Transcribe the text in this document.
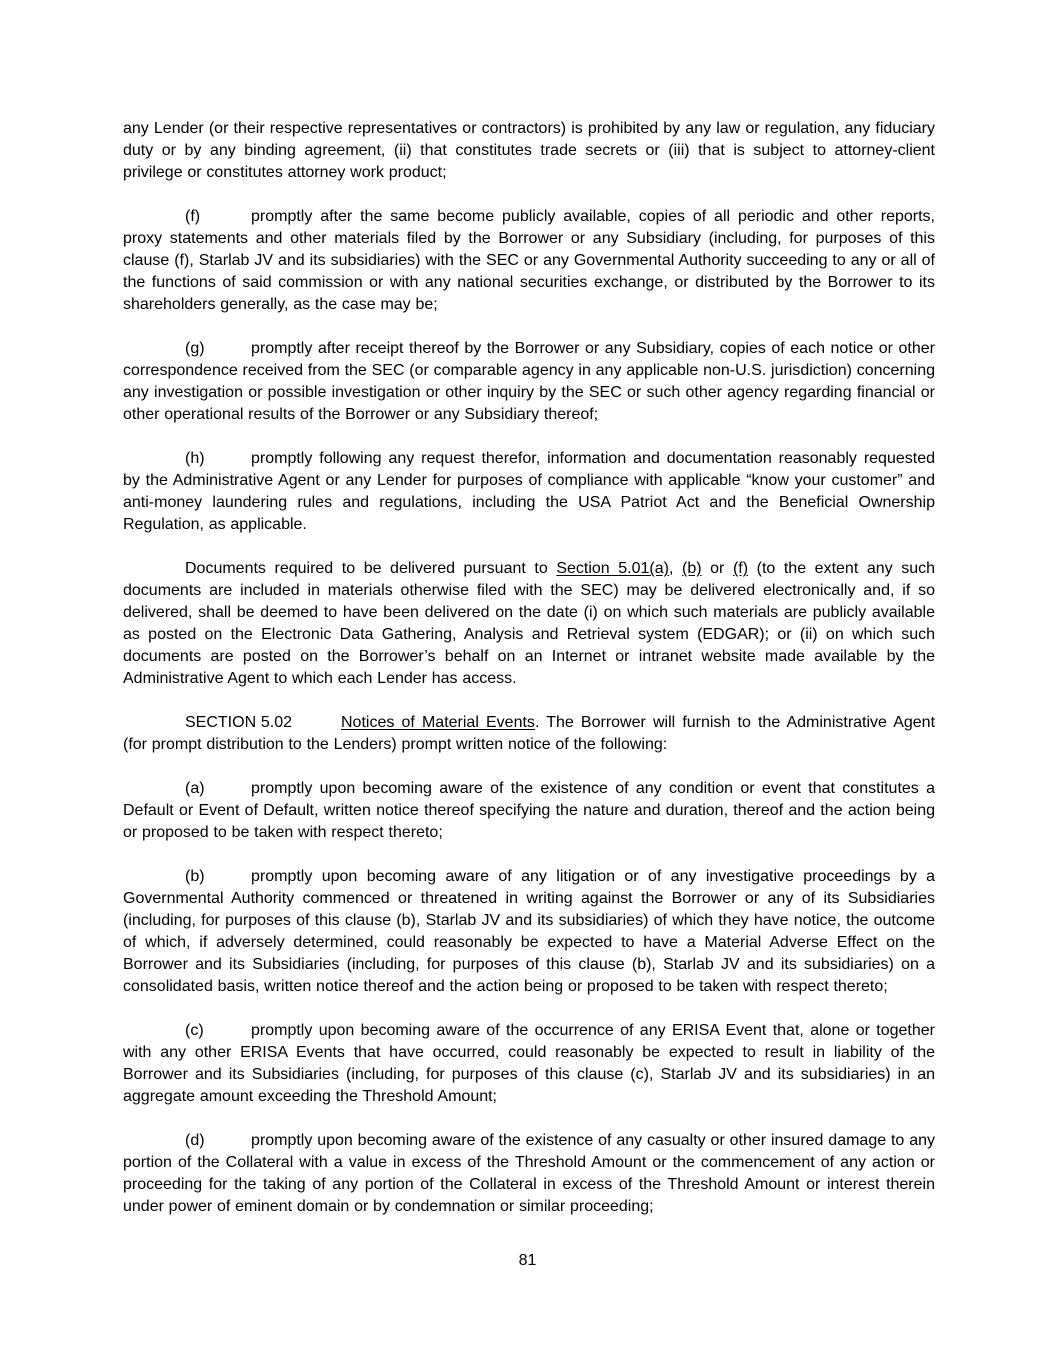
any Lender (or their respective representatives or contractors) is prohibited by any law or regulation, any fiduciary duty or by any binding agreement, (ii) that constitutes trade secrets or (iii) that is subject to attorney-client privilege or constitutes attorney work product;

(f)	promptly after the same become publicly available, copies of all periodic and other reports, proxy statements and other materials filed by the Borrower or any Subsidiary (including, for purposes of this clause (f), Starlab JV and its subsidiaries) with the SEC or any Governmental Authority succeeding to any or all of the functions of said commission or with any national securities exchange, or distributed by the Borrower to its shareholders generally, as the case may be;

(g)	promptly after receipt thereof by the Borrower or any Subsidiary, copies of each notice or other correspondence received from the SEC (or comparable agency in any applicable non-U.S. jurisdiction) concerning any investigation or possible investigation or other inquiry by the SEC or such other agency regarding financial or other operational results of the Borrower or any Subsidiary thereof;

(h)	promptly following any request therefor, information and documentation reasonably requested by the Administrative Agent or any Lender for purposes of compliance with applicable “know your customer” and anti-money laundering rules and regulations, including the USA Patriot Act and the Beneficial Ownership Regulation, as applicable.

Documents required to be delivered pursuant to Section 5.01(a), (b) or (f) (to the extent any such documents are included in materials otherwise filed with the SEC) may be delivered electronically and, if so delivered, shall be deemed to have been delivered on the date (i) on which such materials are publicly available as posted on the Electronic Data Gathering, Analysis and Retrieval system (EDGAR); or (ii) on which such documents are posted on the Borrower’s behalf on an Internet or intranet website made available by the Administrative Agent to which each Lender has access.

SECTION 5.02	Notices of Material Events. The Borrower will furnish to the Administrative Agent (for prompt distribution to the Lenders) prompt written notice of the following:

(a)	promptly upon becoming aware of the existence of any condition or event that constitutes a Default or Event of Default, written notice thereof specifying the nature and duration, thereof and the action being or proposed to be taken with respect thereto;

(b)	promptly upon becoming aware of any litigation or of any investigative proceedings by a Governmental Authority commenced or threatened in writing against the Borrower or any of its Subsidiaries (including, for purposes of this clause (b), Starlab JV and its subsidiaries) of which they have notice, the outcome of which, if adversely determined, could reasonably be expected to have a Material Adverse Effect on the Borrower and its Subsidiaries (including, for purposes of this clause (b), Starlab JV and its subsidiaries) on a consolidated basis, written notice thereof and the action being or proposed to be taken with respect thereto;

(c)	promptly upon becoming aware of the occurrence of any ERISA Event that, alone or together with any other ERISA Events that have occurred, could reasonably be expected to result in liability of the Borrower and its Subsidiaries (including, for purposes of this clause (c), Starlab JV and its subsidiaries) in an aggregate amount exceeding the Threshold Amount;

(d)	promptly upon becoming aware of the existence of any casualty or other insured damage to any portion of the Collateral with a value in excess of the Threshold Amount or the commencement of any action or proceeding for the taking of any portion of the Collateral in excess of the Threshold Amount or interest therein under power of eminent domain or by condemnation or similar proceeding;

81
